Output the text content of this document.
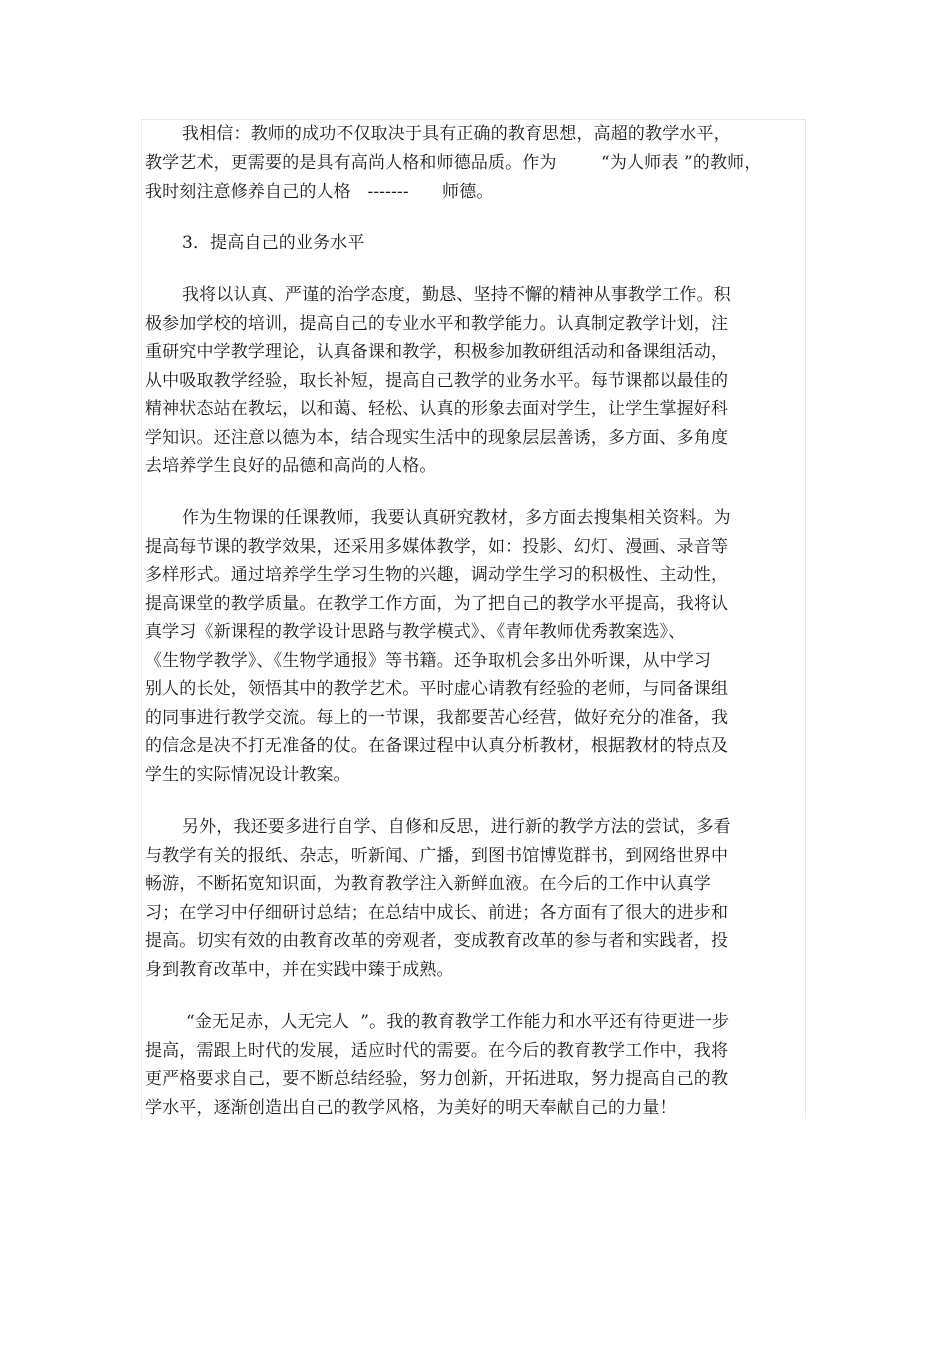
我相信：教师的成功不仅取决于具有正确的教育思想，高超的教学水平，
教学艺术，更需要的是具有高尚人格和师德品质。作为        “为人师表 ”的教师，
我时刻注意修养自己的人格   -------      师德。
3．提高自己的业务水平
我将以认真、严谨的治学态度，勤恳、坚持不懈的精神从事教学工作。积
极参加学校的培训，提高自己的专业水平和教学能力。认真制定教学计划，注
重研究中学教学理论，认真备课和教学，积极参加教研组活动和备课组活动，
从中吸取教学经验，取长补短，提高自己教学的业务水平。每节课都以最佳的
精神状态站在教坛，以和蔼、轻松、认真的形象去面对学生，让学生掌握好科
学知识。还注意以德为本，结合现实生活中的现象层层善诱，多方面、多角度
去培养学生良好的品德和高尚的人格。
作为生物课的任课教师，我要认真研究教材，多方面去搜集相关资料。为
提高每节课的教学效果，还采用多媒体教学，如：投影、幻灯、漫画、录音等
多样形式。通过培养学生学习生物的兴趣，调动学生学习的积极性、主动性，
提高课堂的教学质量。在教学工作方面，为了把自己的教学水平提高，我将认
真学习《新课程的教学设计思路与教学模式》、《青年教师优秀教案选》、
《生物学教学》、《生物学通报》等书籍。还争取机会多出外听课，从中学习
别人的长处，领悟其中的教学艺术。平时虚心请教有经验的老师，与同备课组
的同事进行教学交流。每上的一节课，我都要苦心经营，做好充分的准备，我
的信念是决不打无准备的仗。在备课过程中认真分析教材，根据教材的特点及
学生的实际情况设计教案。
另外，我还要多进行自学、自修和反思，进行新的教学方法的尝试，多看
与教学有关的报纸、杂志，听新闻、广播，到图书馆博览群书，到网络世界中
畅游，不断拓宽知识面，为教育教学注入新鲜血液。在今后的工作中认真学
习；在学习中仔细研讨总结；在总结中成长、前进；各方面有了很大的进步和
提高。切实有效的由教育改革的旁观者，变成教育改革的参与者和实践者，投
身到教育改革中，并在实践中臻于成熟。
“金无足赤，人无完人  ”。我的教育教学工作能力和水平还有待更进一步
提高，需跟上时代的发展，适应时代的需要。在今后的教育教学工作中，我将
更严格要求自己，要不断总结经验，努力创新，开拓进取，努力提高自己的教
学水平，逐渐创造出自己的教学风格，为美好的明天奉献自己的力量！
